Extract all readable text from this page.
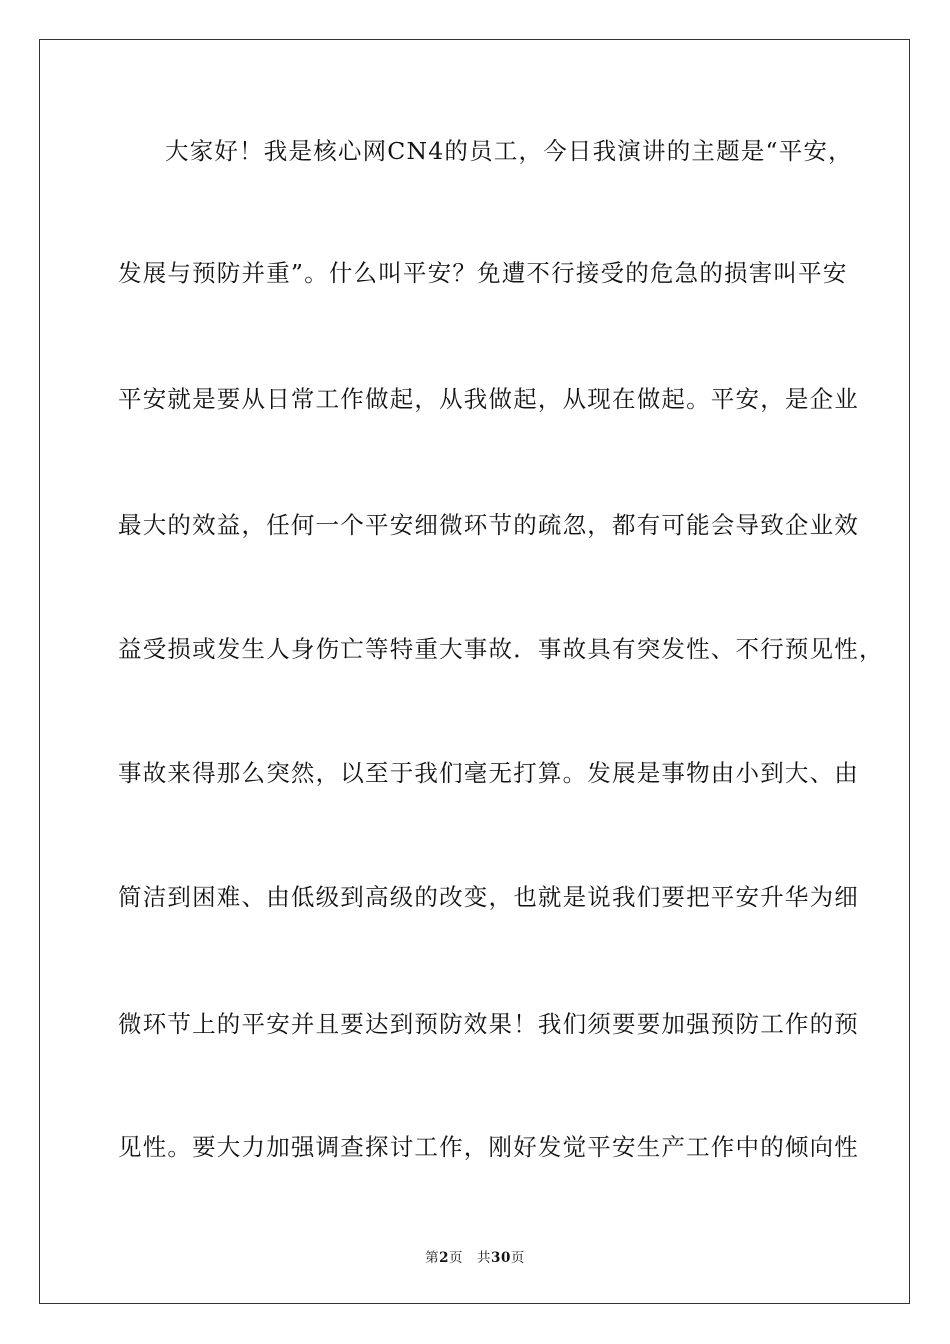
大家好！我是核心网CN4的员工，今日我演讲的主题是“平安，
发展与预防并重”。什么叫平安？免遭不行接受的危急的损害叫平安
平安就是要从日常工作做起，从我做起，从现在做起。平安，是企业
最大的效益，任何一个平安细微环节的疏忽，都有可能会导致企业效
益受损或发生人身伤亡等特重大事故．事故具有突发性、不行预见性，
事故来得那么突然，以至于我们毫无打算。发展是事物由小到大、由
简洁到困难、由低级到高级的改变，也就是说我们要把平安升华为细
微环节上的平安并且要达到预防效果！我们须要要加强预防工作的预
见性。要大力加强调查探讨工作，刚好发觉平安生产工作中的倾向性
第2页 共30页
